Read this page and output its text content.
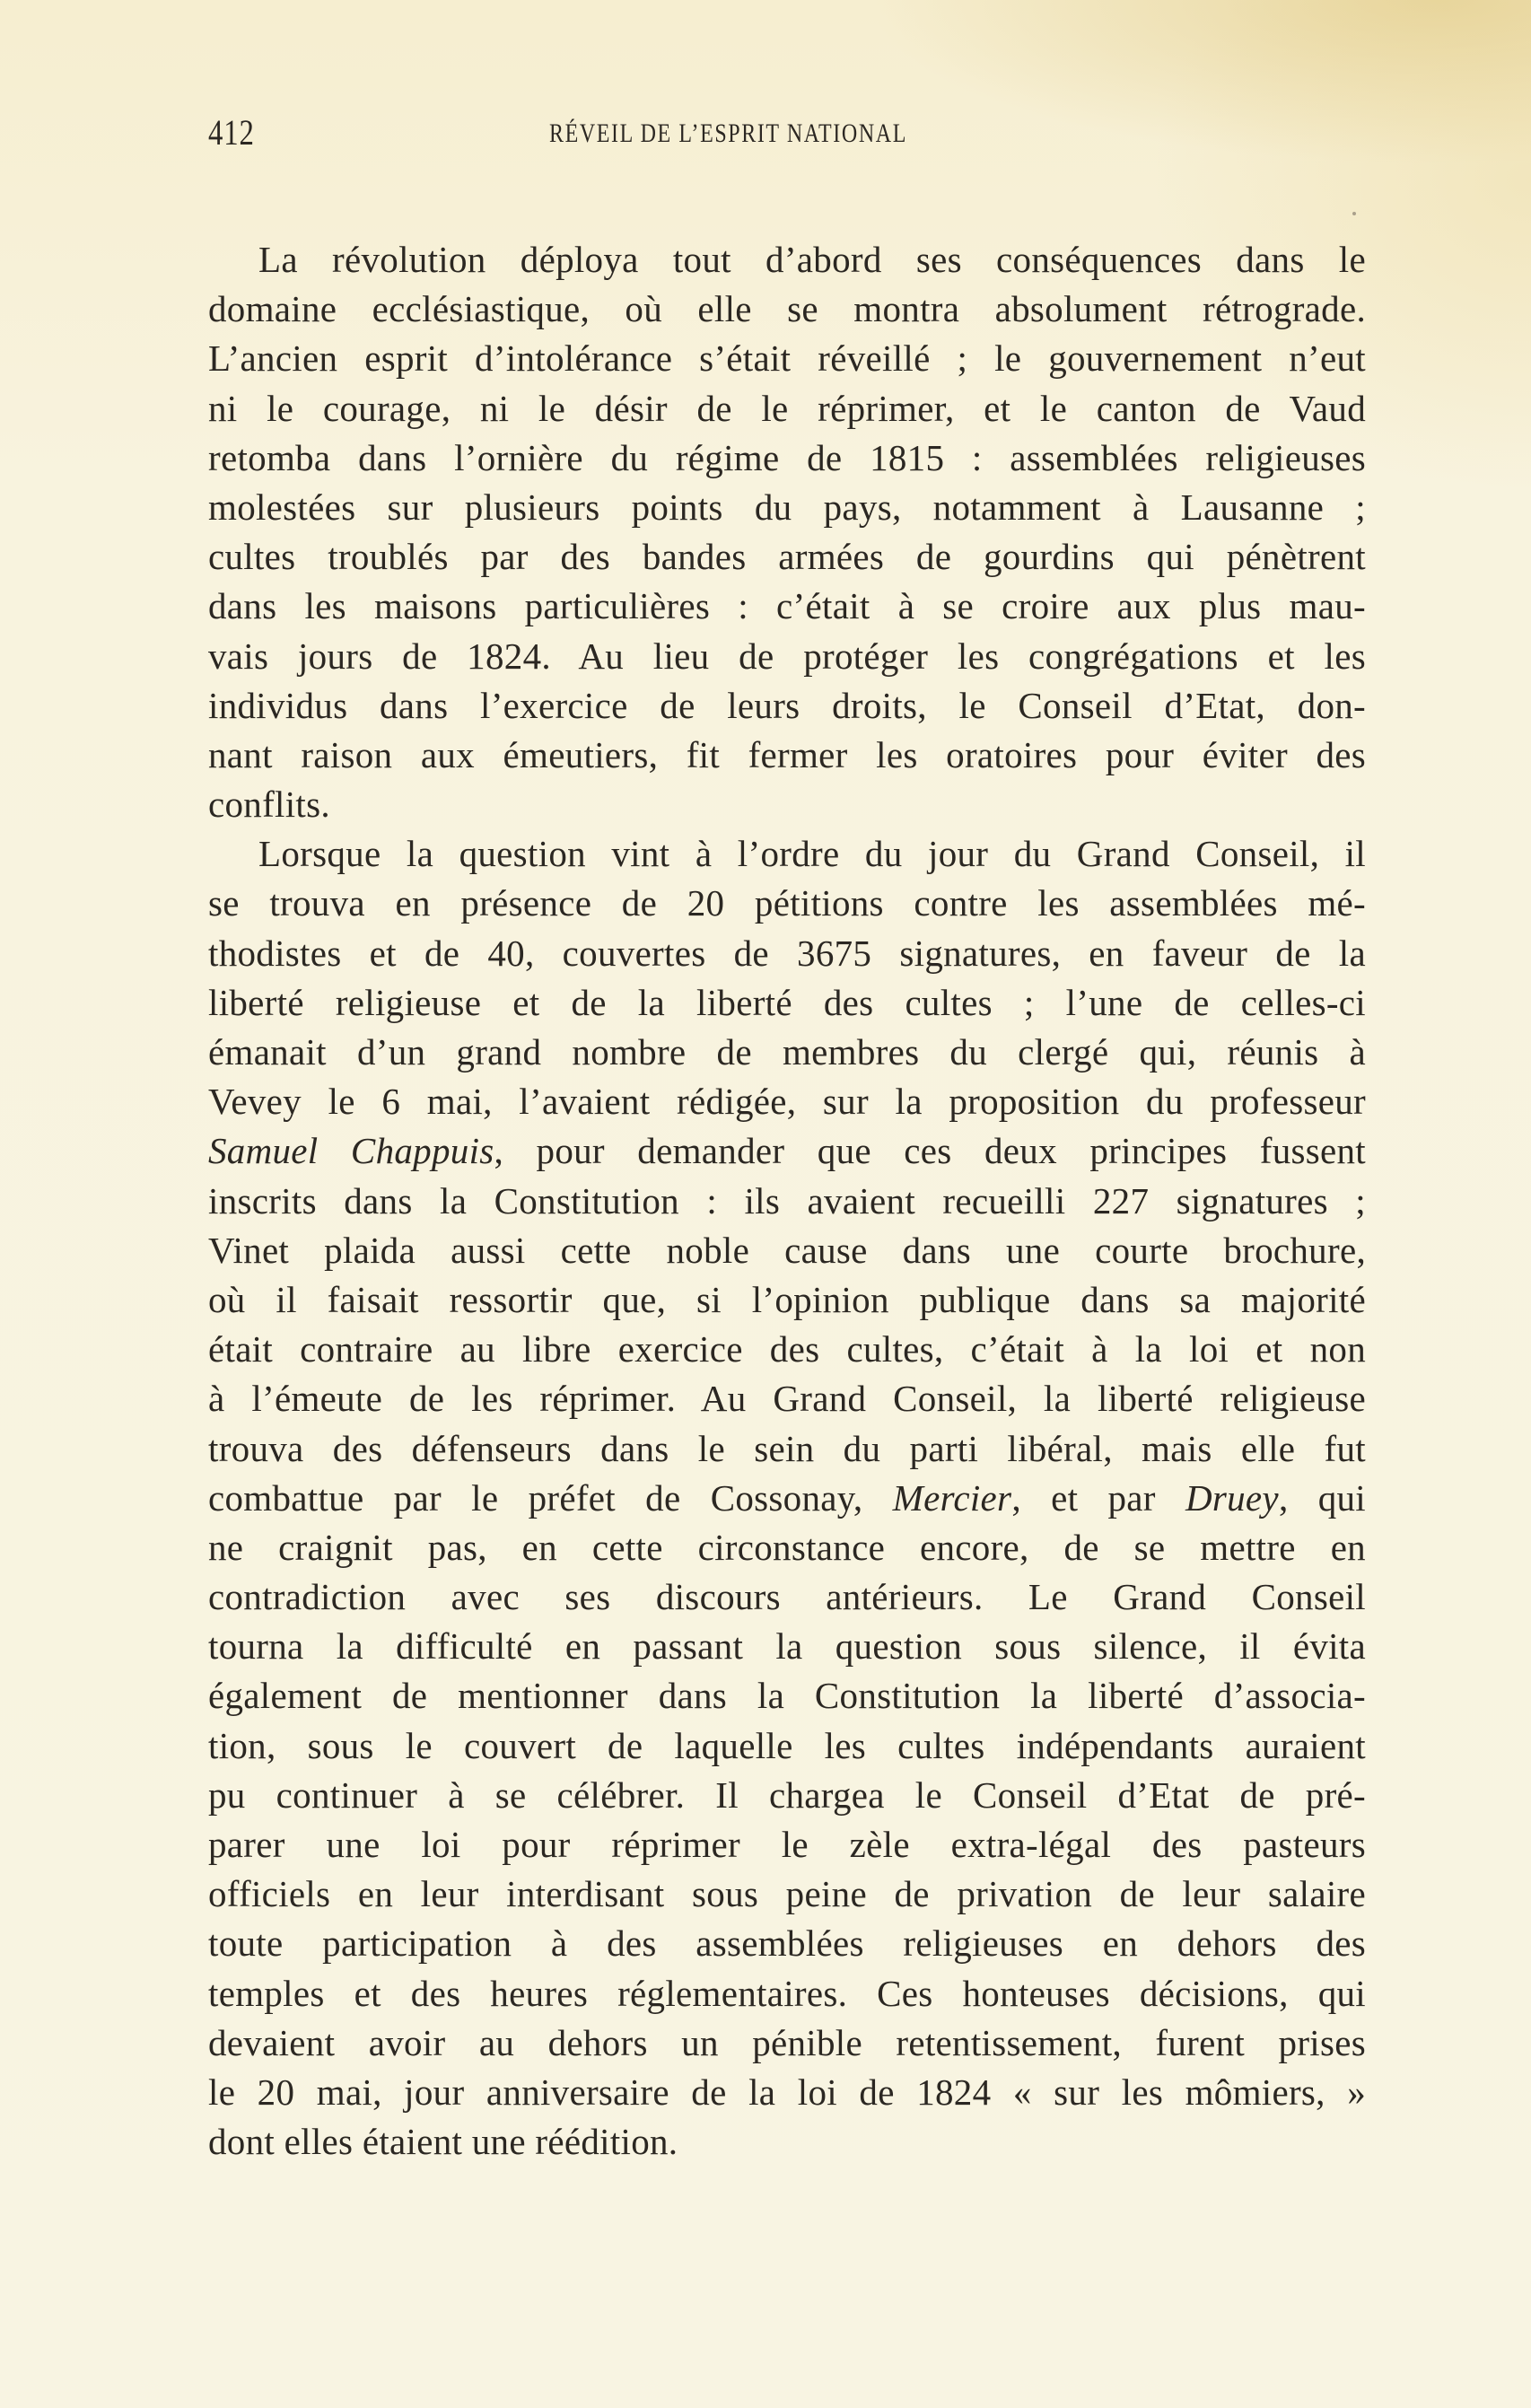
412	RÉVEIL DE L’ESPRIT NATIONAL
La révolution déploya tout d’abord ses conséquences dans le
domaine ecclésiastique, où elle se montra absolument rétrograde.
L’ancien esprit d’intolérance s’était réveillé ; le gouvernement n’eut
ni le courage, ni le désir de le réprimer, et le canton de Vaud
retomba dans l’ornière du régime de 1815 : assemblées religieuses
molestées sur plusieurs points du pays, notamment à Lausanne ;
cultes troublés par des bandes armées de gourdins qui pénètrent
dans les maisons particulières : c’était à se croire aux plus mau-
vais jours de 1824. Au lieu de protéger les congrégations et les
individus dans l’exercice de leurs droits, le Conseil d’Etat, don-
nant raison aux émeutiers, fit fermer les oratoires pour éviter des
conflits.
Lorsque la question vint à l’ordre du jour du Grand Conseil, il
se trouva en présence de 20 pétitions contre les assemblées mé-
thodistes et de 40, couvertes de 3675 signatures, en faveur de la
liberté religieuse et de la liberté des cultes ; l’une de celles-ci
émanait d’un grand nombre de membres du clergé qui, réunis à
Vevey le 6 mai, l’avaient rédigée, sur la proposition du professeur
Samuel Chappuis, pour demander que ces deux principes fussent
inscrits dans la Constitution : ils avaient recueilli 227 signatures ;
Vinet plaida aussi cette noble cause dans une courte brochure,
où il faisait ressortir que, si l’opinion publique dans sa majorité
était contraire au libre exercice des cultes, c’était à la loi et non
à l’émeute de les réprimer. Au Grand Conseil, la liberté religieuse
trouva des défenseurs dans le sein du parti libéral, mais elle fut
combattue par le préfet de Cossonay, Mercier, et par Druey, qui
ne craignit pas, en cette circonstance encore, de se mettre en
contradiction avec ses discours antérieurs. Le Grand Conseil
tourna la difficulté en passant la question sous silence, il évita
également de mentionner dans la Constitution la liberté d’associa-
tion, sous le couvert de laquelle les cultes indépendants auraient
pu continuer à se célébrer. Il chargea le Conseil d’Etat de pré-
parer une loi pour réprimer le zèle extra-légal des pasteurs
officiels en leur interdisant sous peine de privation de leur salaire
toute participation à des assemblées religieuses en dehors des
temples et des heures réglementaires. Ces honteuses décisions, qui
devaient avoir au dehors un pénible retentissement, furent prises
le 20 mai, jour anniversaire de la loi de 1824 « sur les mômiers, »
dont elles étaient une réédition.
